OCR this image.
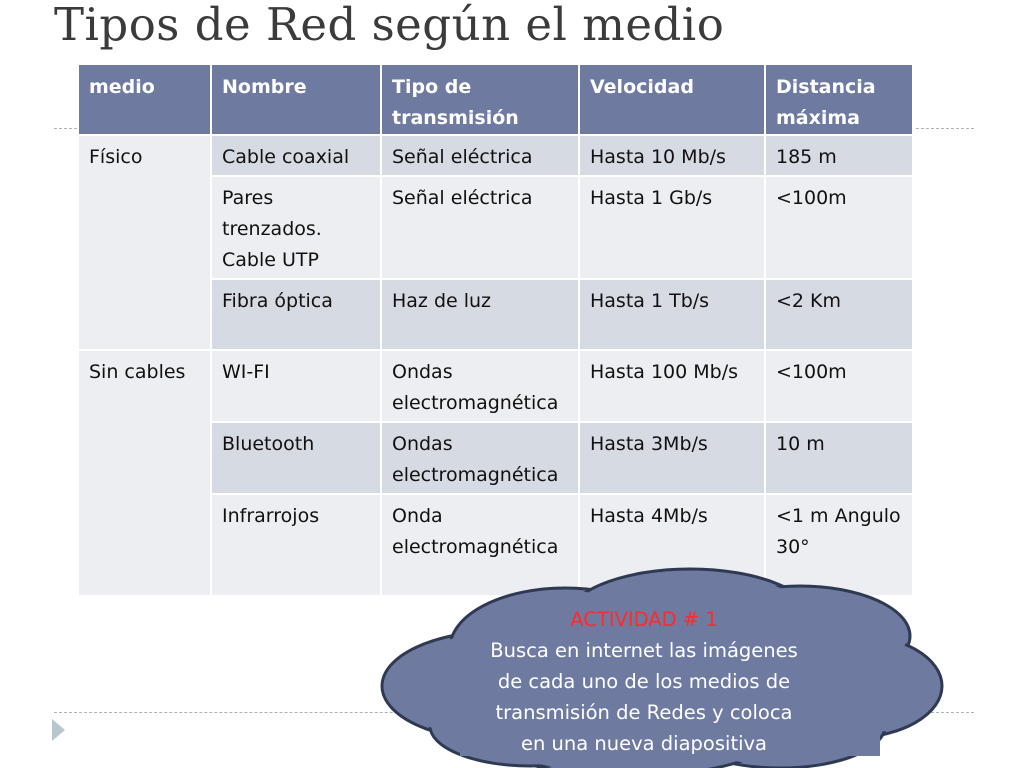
Tipos de Red según el medio
medio	Nombre	Tipo de transmisión	Velocidad	Distancia máxima
Físico	Cable coaxial	Señal eléctrica	Hasta 10 Mb/s	185 m
	Pares trenzados. Cable UTP	Señal eléctrica	Hasta 1 Gb/s	<100m
	Fibra óptica	Haz de luz	Hasta 1 Tb/s	<2 Km
Sin cables	WI-FI	Ondas electromagnética	Hasta 100 Mb/s	<100m
	Bluetooth	Ondas electromagnética	Hasta 3Mb/s	10 m
	Infrarrojos	Onda electromagnética	Hasta 4Mb/s	<1 m Angulo 30°
ACTIVIDAD # 1
Busca en internet las imágenes
de cada uno de los medios de
transmisión de Redes y coloca
en una nueva diapositiva
